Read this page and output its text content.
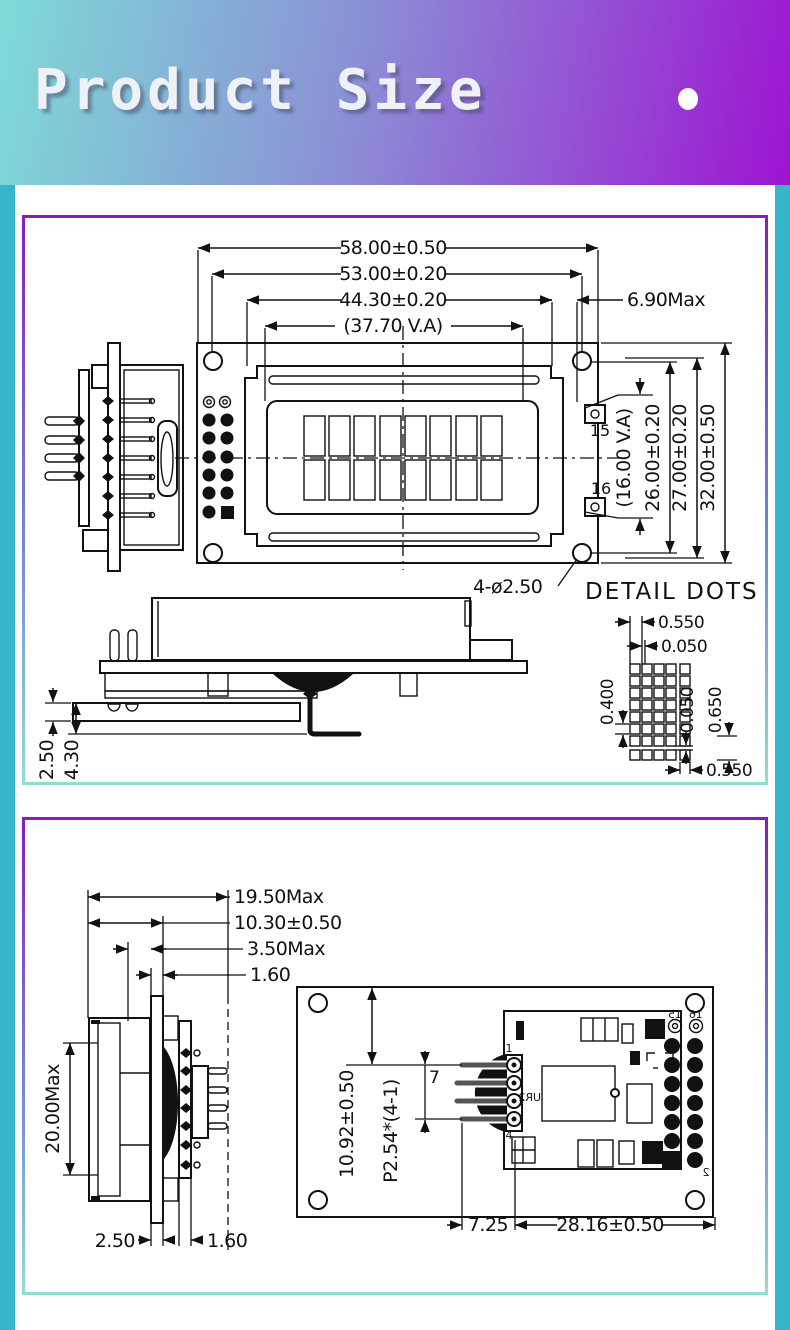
Product Size
15
16
58.00±0.50
53.00±0.20
44.30±0.20	6.90Max
(37.70 V.A)
(16.00 V.A) 26.00±0.20 27.00±0.20 32.00±0.50
4-ø2.50
2.50 4.30
DETAIL DOTS
0.550
0.050
0.400	0.050 0.650
0.550
19.50Max
10.30±0.50
3.50Max
1.60
20.00Max
2.50	1.60
15 16
2
1
4
UR2
10.92±0.50 P2.54*(4-1)
7
7.25	28.16±0.50
